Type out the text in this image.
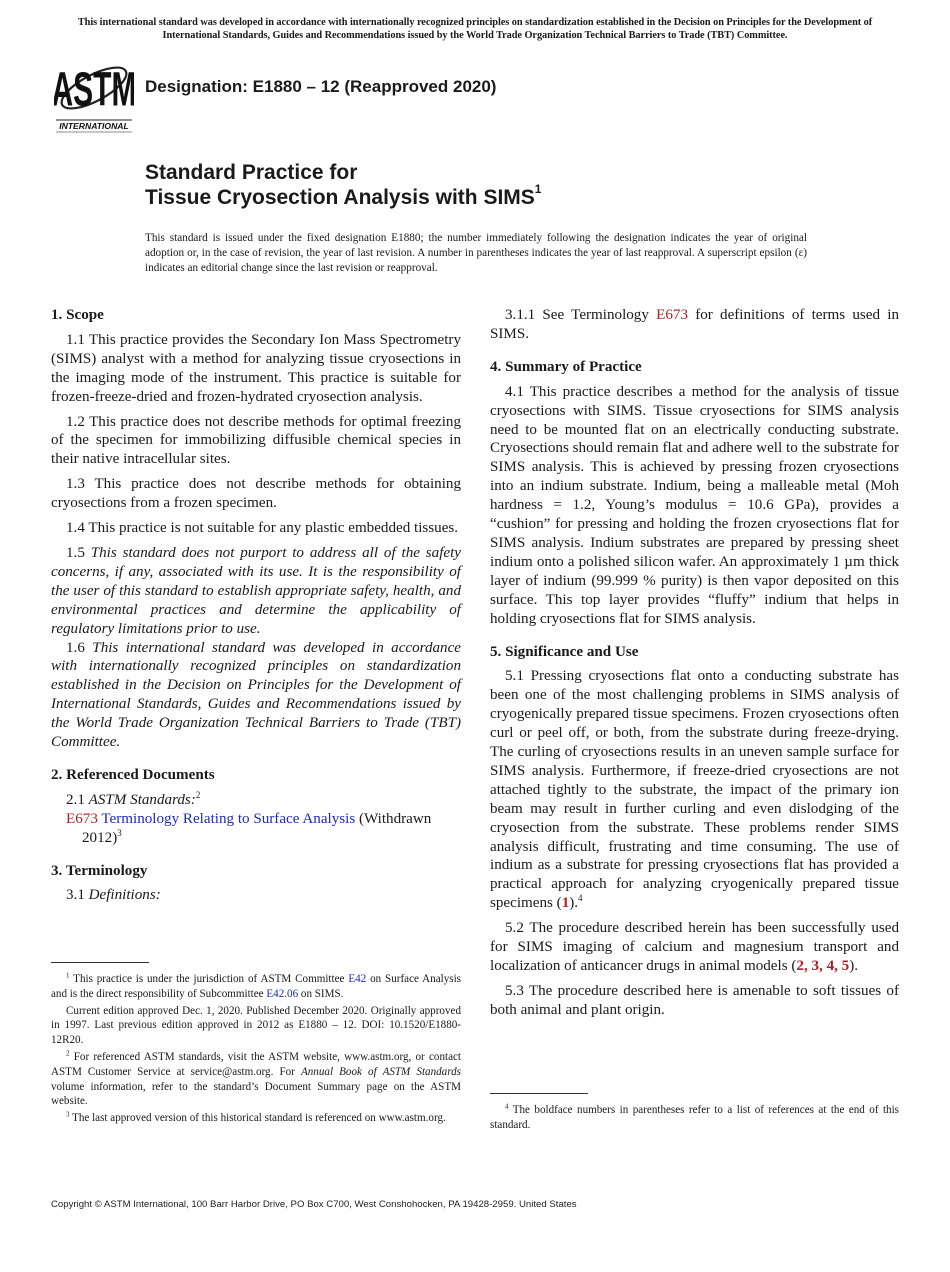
This international standard was developed in accordance with internationally recognized principles on standardization established in the Decision on Principles for the Development of International Standards, Guides and Recommendations issued by the World Trade Organization Technical Barriers to Trade (TBT) Committee.
ASTM
INTERNATIONAL
Designation: E1880 – 12 (Reapproved 2020)
Standard Practice for
Tissue Cryosection Analysis with SIMS$^1$
This standard is issued under the fixed designation E1880; the number immediately following the designation indicates the year of original adoption or, in the case of revision, the year of last revision. A number in parentheses indicates the year of last reapproval. A superscript epsilon (ε) indicates an editorial change since the last revision or reapproval.
1. Scope

1.1 This practice provides the Secondary Ion Mass Spectrometry (SIMS) analyst with a method for analyzing tissue cryosections in the imaging mode of the instrument. This practice is suitable for frozen-freeze-dried and frozen-hydrated cryosection analysis.

1.2 This practice does not describe methods for optimal freezing of the specimen for immobilizing diffusible chemical species in their native intracellular sites.

1.3 This practice does not describe methods for obtaining cryosections from a frozen specimen.

1.4 This practice is not suitable for any plastic embedded tissues.

1.5 This standard does not purport to address all of the safety concerns, if any, associated with its use. It is the responsibility of the user of this standard to establish appropriate safety, health, and environmental practices and determine the applicability of regulatory limitations prior to use.

1.6 This international standard was developed in accordance with internationally recognized principles on standardization established in the Decision on Principles for the Development of International Standards, Guides and Recommendations issued by the World Trade Organization Technical Barriers to Trade (TBT) Committee.

2. Referenced Documents

2.1 ASTM Standards:$^2$

E673 Terminology Relating to Surface Analysis (Withdrawn 2012)$^3$

3. Terminology

3.1 Definitions:

$^1$ This practice is under the jurisdiction of ASTM Committee E42 on Surface Analysis and is the direct responsibility of Subcommittee E42.06 on SIMS.

Current edition approved Dec. 1, 2020. Published December 2020. Originally approved in 1997. Last previous edition approved in 2012 as E1880 – 12. DOI: 10.1520/E1880-12R20.

$^2$ For referenced ASTM standards, visit the ASTM website, www.astm.org, or contact ASTM Customer Service at service@astm.org. For Annual Book of ASTM Standards volume information, refer to the standard’s Document Summary page on the ASTM website.

$^3$ The last approved version of this historical standard is referenced on www.astm.org.

3.1.1 See Terminology E673 for definitions of terms used in SIMS.

4. Summary of Practice

4.1 This practice describes a method for the analysis of tissue cryosections with SIMS. Tissue cryosections for SIMS analysis need to be mounted flat on an electrically conducting substrate. Cryosections should remain flat and adhere well to the substrate for SIMS analysis. This is achieved by pressing frozen cryosections into an indium substrate. Indium, being a malleable metal (Moh hardness = 1.2, Young’s modulus = 10.6 GPa), provides a “cushion” for pressing and holding the frozen cryosections flat for SIMS analysis. Indium substrates are prepared by pressing sheet indium onto a polished silicon wafer. An approximately 1 µm thick layer of indium (99.999 % purity) is then vapor deposited on this surface. This top layer provides “fluffy” indium that helps in holding cryosections flat for SIMS analysis.

5. Significance and Use

5.1 Pressing cryosections flat onto a conducting substrate has been one of the most challenging problems in SIMS analysis of cryogenically prepared tissue specimens. Frozen cryosections often curl or peel off, or both, from the substrate during freeze-drying. The curling of cryosections results in an uneven sample surface for SIMS analysis. Furthermore, if freeze-dried cryosections are not attached tightly to the substrate, the impact of the primary ion beam may result in further curling and even dislodging of the cryosection from the substrate. These problems render SIMS analysis difficult, frustrating and time consuming. The use of indium as a substrate for pressing cryosections flat has provided a practical approach for analyzing cryogenically prepared tissue specimens (1).$^4$

5.2 The procedure described herein has been successfully used for SIMS imaging of calcium and magnesium transport and localization of anticancer drugs in animal models (2, 3, 4, 5).

5.3 The procedure described here is amenable to soft tissues of both animal and plant origin.

$^4$ The boldface numbers in parentheses refer to a list of references at the end of this standard.

Copyright © ASTM International, 100 Barr Harbor Drive, PO Box C700, West Conshohocken, PA 19428-2959. United States
